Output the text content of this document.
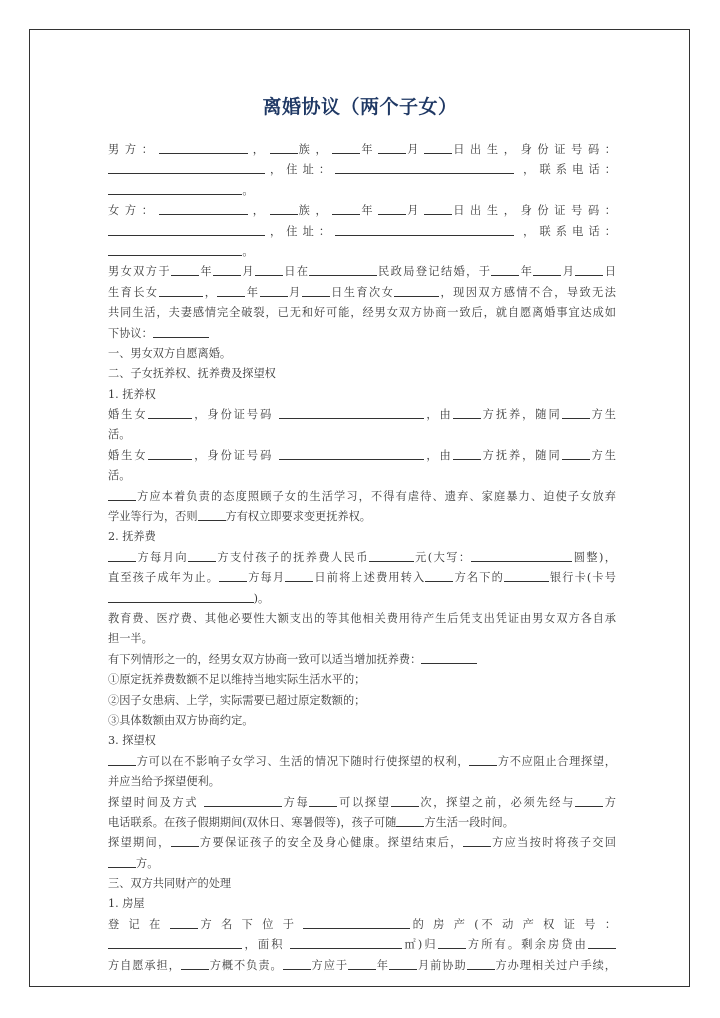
离婚协议（两个子女）
男 方 ：	，	族 ，	年	月	日 出 生 ， 身 份 证 号 码 ：
，住址：	，联系电话：
。
女 方 ：	，	族 ，	年	月	日 出 生 ， 身 份 证 号 码 ：
，住址：	，联系电话：
。
男女双方于	年	月	日在	民政局登记结婚，于	年	月	日
生育长女	，	年	月	日生育次女	，现因双方感情不合，导致无法
共同生活，夫妻感情完全破裂，已无和好可能，经男女双方协商一致后，就自愿离婚事宜达成如
下协议：
一、男女双方自愿离婚。
二、子女抚养权、抚养费及探望权
1. 抚养权
婚生女	，身份证号码	，由	方抚养，随同	方生
活。
婚生女	，身份证号码	，由	方抚养，随同	方生
活。
方应本着负责的态度照顾子女的生活学习，不得有虐待、遗弃、家庭暴力、迫使子女放弃
学业等行为，否则	方有权立即要求变更抚养权。
2. 抚养费
方每月向	方支付孩子的抚养费人民币	元(大写：	圆整)，
直至孩子成年为止。	方每月	日前将上述费用转入	方名下的	银行卡(卡号
)。
教育费、医疗费、其他必要性大额支出的等其他相关费用待产生后凭支出凭证由男女双方各自承
担一半。
有下列情形之一的，经男女双方协商一致可以适当增加抚养费：
①原定抚养费数额不足以维持当地实际生活水平的；
②因子女患病、上学，实际需要已超过原定数额的；
③具体数额由双方协商约定。
3. 探望权
方可以在不影响子女学习、生活的情况下随时行使探望的权利，	方不应阻止合理探望，
并应当给予探望便利。
探望时间及方式	方每	可以探望	次，探望之前，必须先经与	方
电话联系。在孩子假期期间(双休日、寒暑假等)，孩子可随	方生活一段时间。
探望期间，	方要保证孩子的安全及身心健康。探望结束后，	方应当按时将孩子交回
方。
三、双方共同财产的处理
1. 房屋
登 记 在	方 名 下 位 于	的 房 产 (不 动 产 权 证 号 ：
，面积	㎡)归	方所有。剩余房贷由
方自愿承担，	方概不负责。	方应于	年	月前协助	方办理相关过户手续，
